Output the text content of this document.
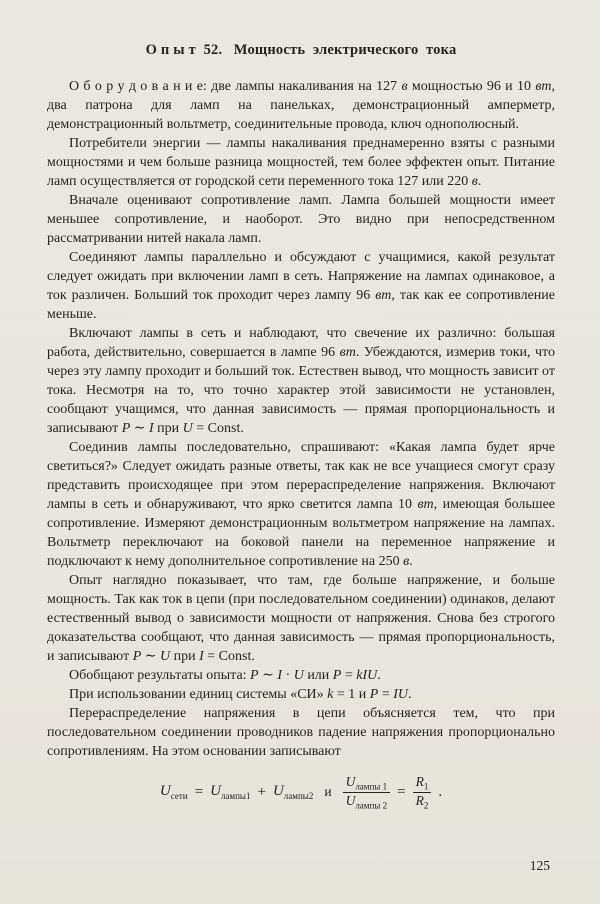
О п ы т  52.   Мощность  электрического  тока

О б о р у д о в а н и е: две лампы накаливания на 127 в мощностью 96 и 10 вт, два патрона для ламп на панельках, демонстрационный амперметр, демонстрационный вольтметр, соединительные провода, ключ однополюсный.

Потребители энергии — лампы накаливания преднамеренно взяты с разными мощностями и чем больше разница мощностей, тем более эффектен опыт. Питание ламп осуществляется от городской сети переменного тока 127 или 220 в.

Вначале оценивают сопротивление ламп. Лампа большей мощности имеет меньшее сопротивление, и наоборот. Это видно при непосредственном рассматривании нитей накала ламп.

Соединяют лампы параллельно и обсуждают с учащимися, какой результат следует ожидать при включении ламп в сеть. Напряжение на лампах одинаковое, а ток различен. Больший ток проходит через лампу 96 вт, так как ее сопротивление меньше.

Включают лампы в сеть и наблюдают, что свечение их различно: большая работа, действительно, совершается в лампе 96 вт. Убеждаются, измерив токи, что через эту лампу проходит и больший ток. Естествен вывод, что мощность зависит от тока. Несмотря на то, что точно характер этой зависимости не установлен, сообщают учащимся, что данная зависимость — прямая пропорциональность и записывают P ∼ I при U = Const.

Соединив лампы последовательно, спрашивают: «Какая лампа будет ярче светиться?» Следует ожидать разные ответы, так как не все учащиеся смогут сразу представить происходящее при этом перераспределение напряжения. Включают лампы в сеть и обнаруживают, что ярко светится лампа 10 вт, имеющая большее сопротивление. Измеряют демонстрационным вольтметром напряжение на лампах. Вольтметр переключают на боковой панели на переменное напряжение и подключают к нему дополнительное сопротивление на 250 в.

Опыт наглядно показывает, что там, где больше напряжение, и больше мощность. Так как ток в цепи (при последовательном соединении) одинаков, делают естественный вывод о зависимости мощности от напряжения. Снова без строгого доказательства сообщают, что данная зависимость — прямая пропорциональность, и записывают P ∼ U при I = Const.

Обобщают результаты опыта: P ∼ I · U или P = kIU.

При использовании единиц системы «СИ» k = 1 и P = IU.

Перераспределение напряжения в цепи объясняется тем, что при последовательном соединении проводников падение напряжения пропорционально сопротивлениям. На этом основании записывают

$U_{сети} = U_{лампы1} + U_{лампы2}$ и $\frac{U_{лампы 1}}{U_{лампы 2}} = \frac{R_1}{R_2}$ .
125
